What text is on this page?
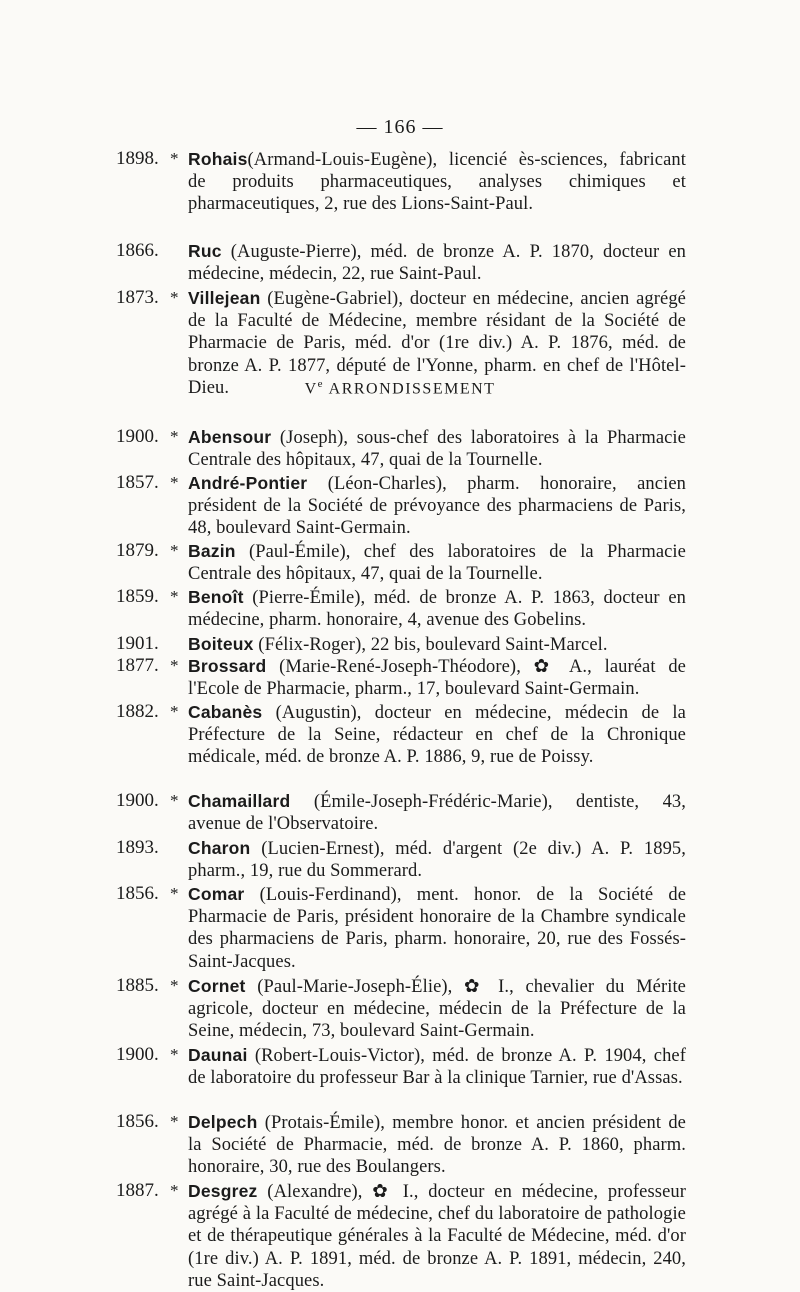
— 166 —
1898. * Rohais(Armand-Louis-Eugène), licencié ès-sciences, fabricant de produits pharmaceutiques, analyses chimiques et pharmaceutiques, 2, rue des Lions-Saint-Paul.
1866. Ruc (Auguste-Pierre), méd. de bronze A. P. 1870, docteur en médecine, médecin, 22, rue Saint-Paul.
1873. * Villejean (Eugène-Gabriel), docteur en médecine, ancien agrégé de la Faculté de Médecine, membre résidant de la Société de Pharmacie de Paris, méd. d'or (1re div.) A. P. 1876, méd. de bronze A. P. 1877, député de l'Yonne, pharm. en chef de l'Hôtel-Dieu.	Ve ARRONDISSEMENT
1900. * Abensour (Joseph), sous-chef des laboratoires à la Pharmacie Centrale des hôpitaux, 47, quai de la Tournelle.
1857. * André-Pontier (Léon-Charles), pharm. honoraire, ancien président de la Société de prévoyance des pharmaciens de Paris, 48, boulevard Saint-Germain.
1879. * Bazin (Paul-Émile), chef des laboratoires de la Pharmacie Centrale des hôpitaux, 47, quai de la Tournelle.
1859. * Benoît (Pierre-Émile), méd. de bronze A. P. 1863, docteur en médecine, pharm. honoraire, 4, avenue des Gobelins.
1901. Boiteux (Félix-Roger), 22 bis, boulevard Saint-Marcel.
1877. * Brossard (Marie-René-Joseph-Théodore), ✿ A., lauréat de l'Ecole de Pharmacie, pharm., 17, boulevard Saint-Germain.
1882. * Cabanès (Augustin), docteur en médecine, médecin de la Préfecture de la Seine, rédacteur en chef de la Chronique médicale, méd. de bronze A. P. 1886, 9, rue de Poissy.
1900. * Chamaillard (Émile-Joseph-Frédéric-Marie), dentiste, 43, avenue de l'Observatoire.
1893. Charon (Lucien-Ernest), méd. d'argent (2e div.) A. P. 1895, pharm., 19, rue du Sommerard.
1856. * Comar (Louis-Ferdinand), ment. honor. de la Société de Pharmacie de Paris, président honoraire de la Chambre syndicale des pharmaciens de Paris, pharm. honoraire, 20, rue des Fossés-Saint-Jacques.
1885. * Cornet (Paul-Marie-Joseph-Élie), ✿ I., chevalier du Mérite agricole, docteur en médecine, médecin de la Préfecture de la Seine, médecin, 73, boulevard Saint-Germain.
1900. * Daunai (Robert-Louis-Victor), méd. de bronze A. P. 1904, chef de laboratoire du professeur Bar à la clinique Tarnier, rue d'Assas.
1856. * Delpech (Protais-Émile), membre honor. et ancien président de la Société de Pharmacie, méd. de bronze A. P. 1860, pharm. honoraire, 30, rue des Boulangers.
1887. * Desgrez (Alexandre), ✿ I., docteur en médecine, professeur agrégé à la Faculté de médecine, chef du laboratoire de pathologie et de thérapeutique générales à la Faculté de Médecine, méd. d'or (1re div.) A. P. 1891, méd. de bronze A. P. 1891, médecin, 240, rue Saint-Jacques.
